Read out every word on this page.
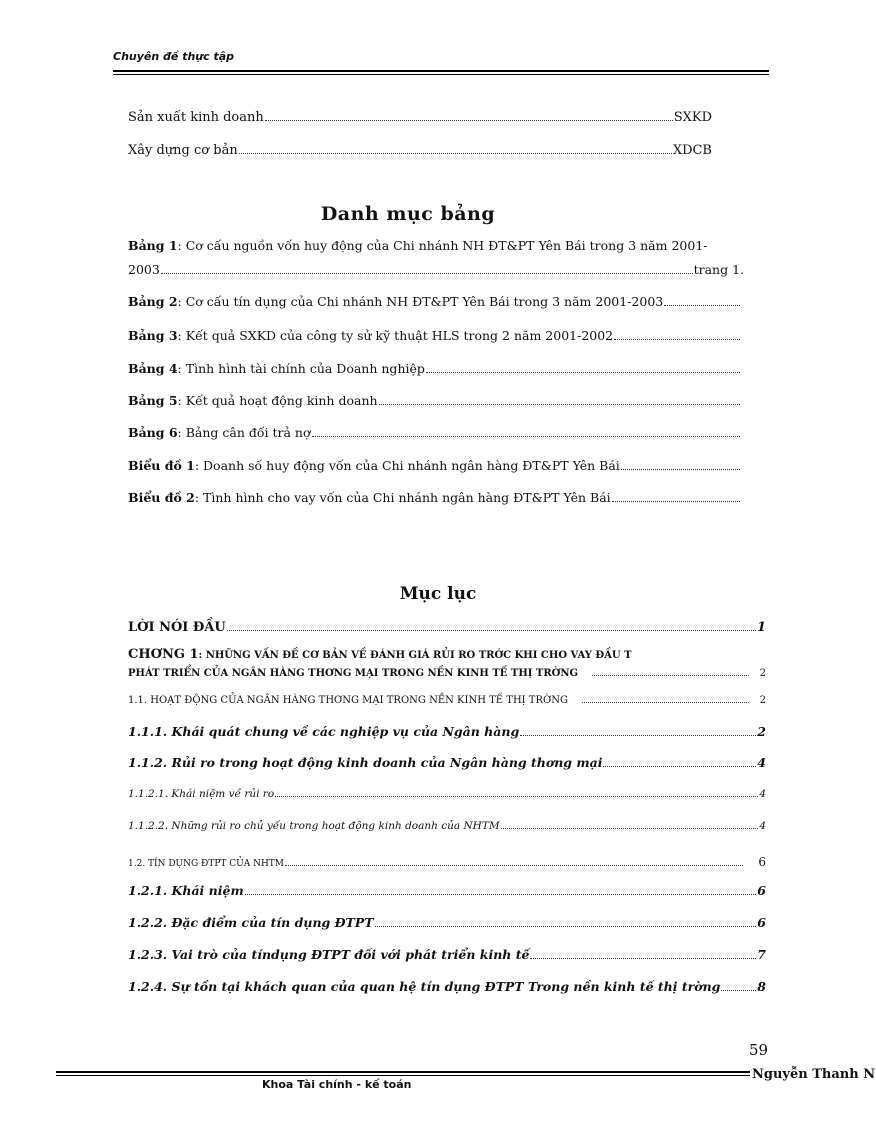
Chuyên đề thực tập
Sản xuất kinh doanh	SXKD
Xây dựng cơ bản	XDCB
Danh mục bảng
Bảng 1: Cơ cấu nguồn vốn huy động của Chi nhánh NH ĐT&PT Yên Bái trong 3 năm 2001-
2003	trang 1.
Bảng 2: Cơ cấu tín dụng của Chi nhánh NH ĐT&PT Yên Bái trong 3 năm 2001-2003
Bảng 3: Kết quả SXKD của công ty sử kỹ thuật HLS trong 2 năm 2001-2002
Bảng 4: Tình hình tài chính của Doanh nghiệp
Bảng 5: Kết quả hoạt động kinh doanh
Bảng 6: Bảng cân đối trả nợ
Biểu đồ 1: Doanh số huy động vốn của Chi nhánh ngân hàng ĐT&PT Yên Bái
Biểu đồ 2: Tình hình cho vay vốn của Chi nhánh ngân hàng ĐT&PT Yên Bái
Mục lục
LỜI NÓI ĐẦU	1
CHƠNG 1: NHỮNG VẤN ĐỀ CƠ BẢN VỀ ĐÁNH GIÁ RỦI RO TRỚC KHI CHO VAY ĐẦU T
PHÁT TRIỂN CỦA NGÂN HÀNG THƠNG MẠI TRONG NỀN KINH TẾ THỊ TRỜNG	2
1.1. HOẠT ĐỘNG CỦA NGÂN HÀNG THƠNG MẠI TRONG NỀN KINH TẾ THỊ TRỜNG	2
1.1.1. Khái quát chung về các nghiệp vụ của Ngân hàng	2
1.1.2. Rủi ro trong hoạt động kinh doanh của Ngân hàng thơng mại	4
1.1.2.1. Khái niệm về rủi ro	4
1.1.2.2. Những rủi ro chủ yếu trong hoạt động kinh doanh của NHTM	4
1.2. TÍN DỤNG ĐTPT CỦA NHTM	6
1.2.1. Khái niệm	6
1.2.2. Đặc điểm của tín dụng ĐTPT	6
1.2.3. Vai trò của tíndụng ĐTPT đối với phát triển kinh tế	7
1.2.4. Sự tồn tại khách quan của quan hệ tín dụng ĐTPT Trong nền kinh tế thị trờng	8
59
Nguyễn Thanh N
Khoa Tài chính - kế toán
